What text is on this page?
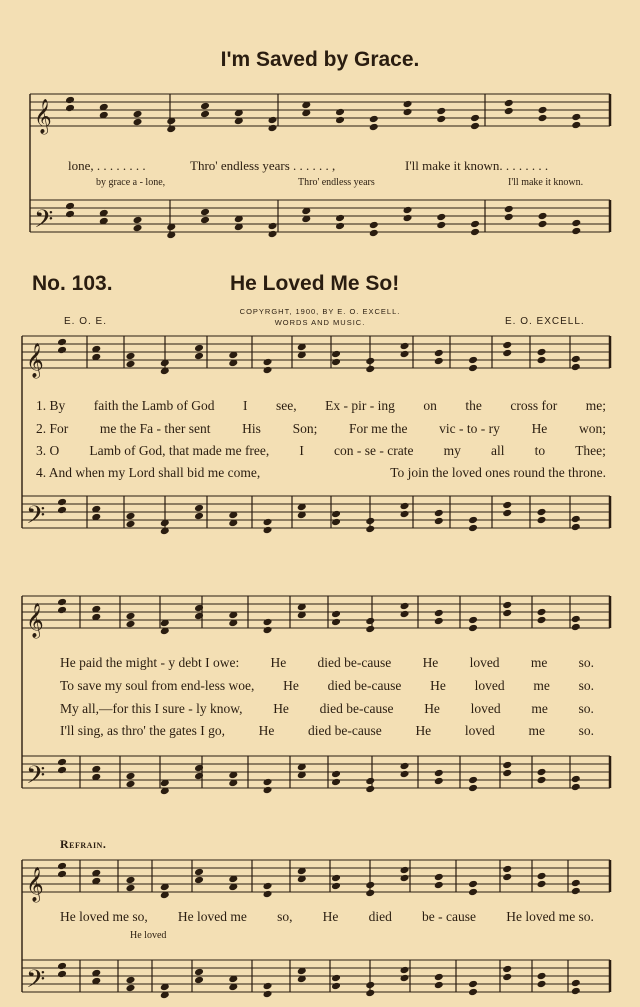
I'm Saved by Grace.
lone, . . . . . . . .	Thro' endless years . . . . . . ,	I'll make it known. . . . . . . .
by grace a - lone,	Thro' endless years	I'll make it known.
No. 103.	He Loved Me So!
E. O. E.
COPYRGHT, 1900, BY E. O. EXCELL.
WORDS AND MUSIC.	E. O. EXCELL.
1. By faith the Lamb of God I see, Ex - pir - ing on the cross for me;
2. For me the Fa - ther sent His Son; For me the vic - to - ry He won;
3. O Lamb of God, that made me free, I con - se - crate my all to Thee;
4. And when my Lord shall bid me come,	To join the loved ones round the throne.
He paid the might - y debt I owe: He died be-cause He loved me so.
To save my soul from end-less woe, He died be-cause He loved me so.
My all,—for this I sure - ly know, He died be-cause He loved me so.
I'll sing, as thro' the gates I go, He died be-cause He loved me so.
Refrain.
He loved me so, He loved me so, He died be - cause He loved me so.
He loved
𝄞
𝄢
𝄞
𝄢
𝄞
𝄢
𝄞
𝄢
